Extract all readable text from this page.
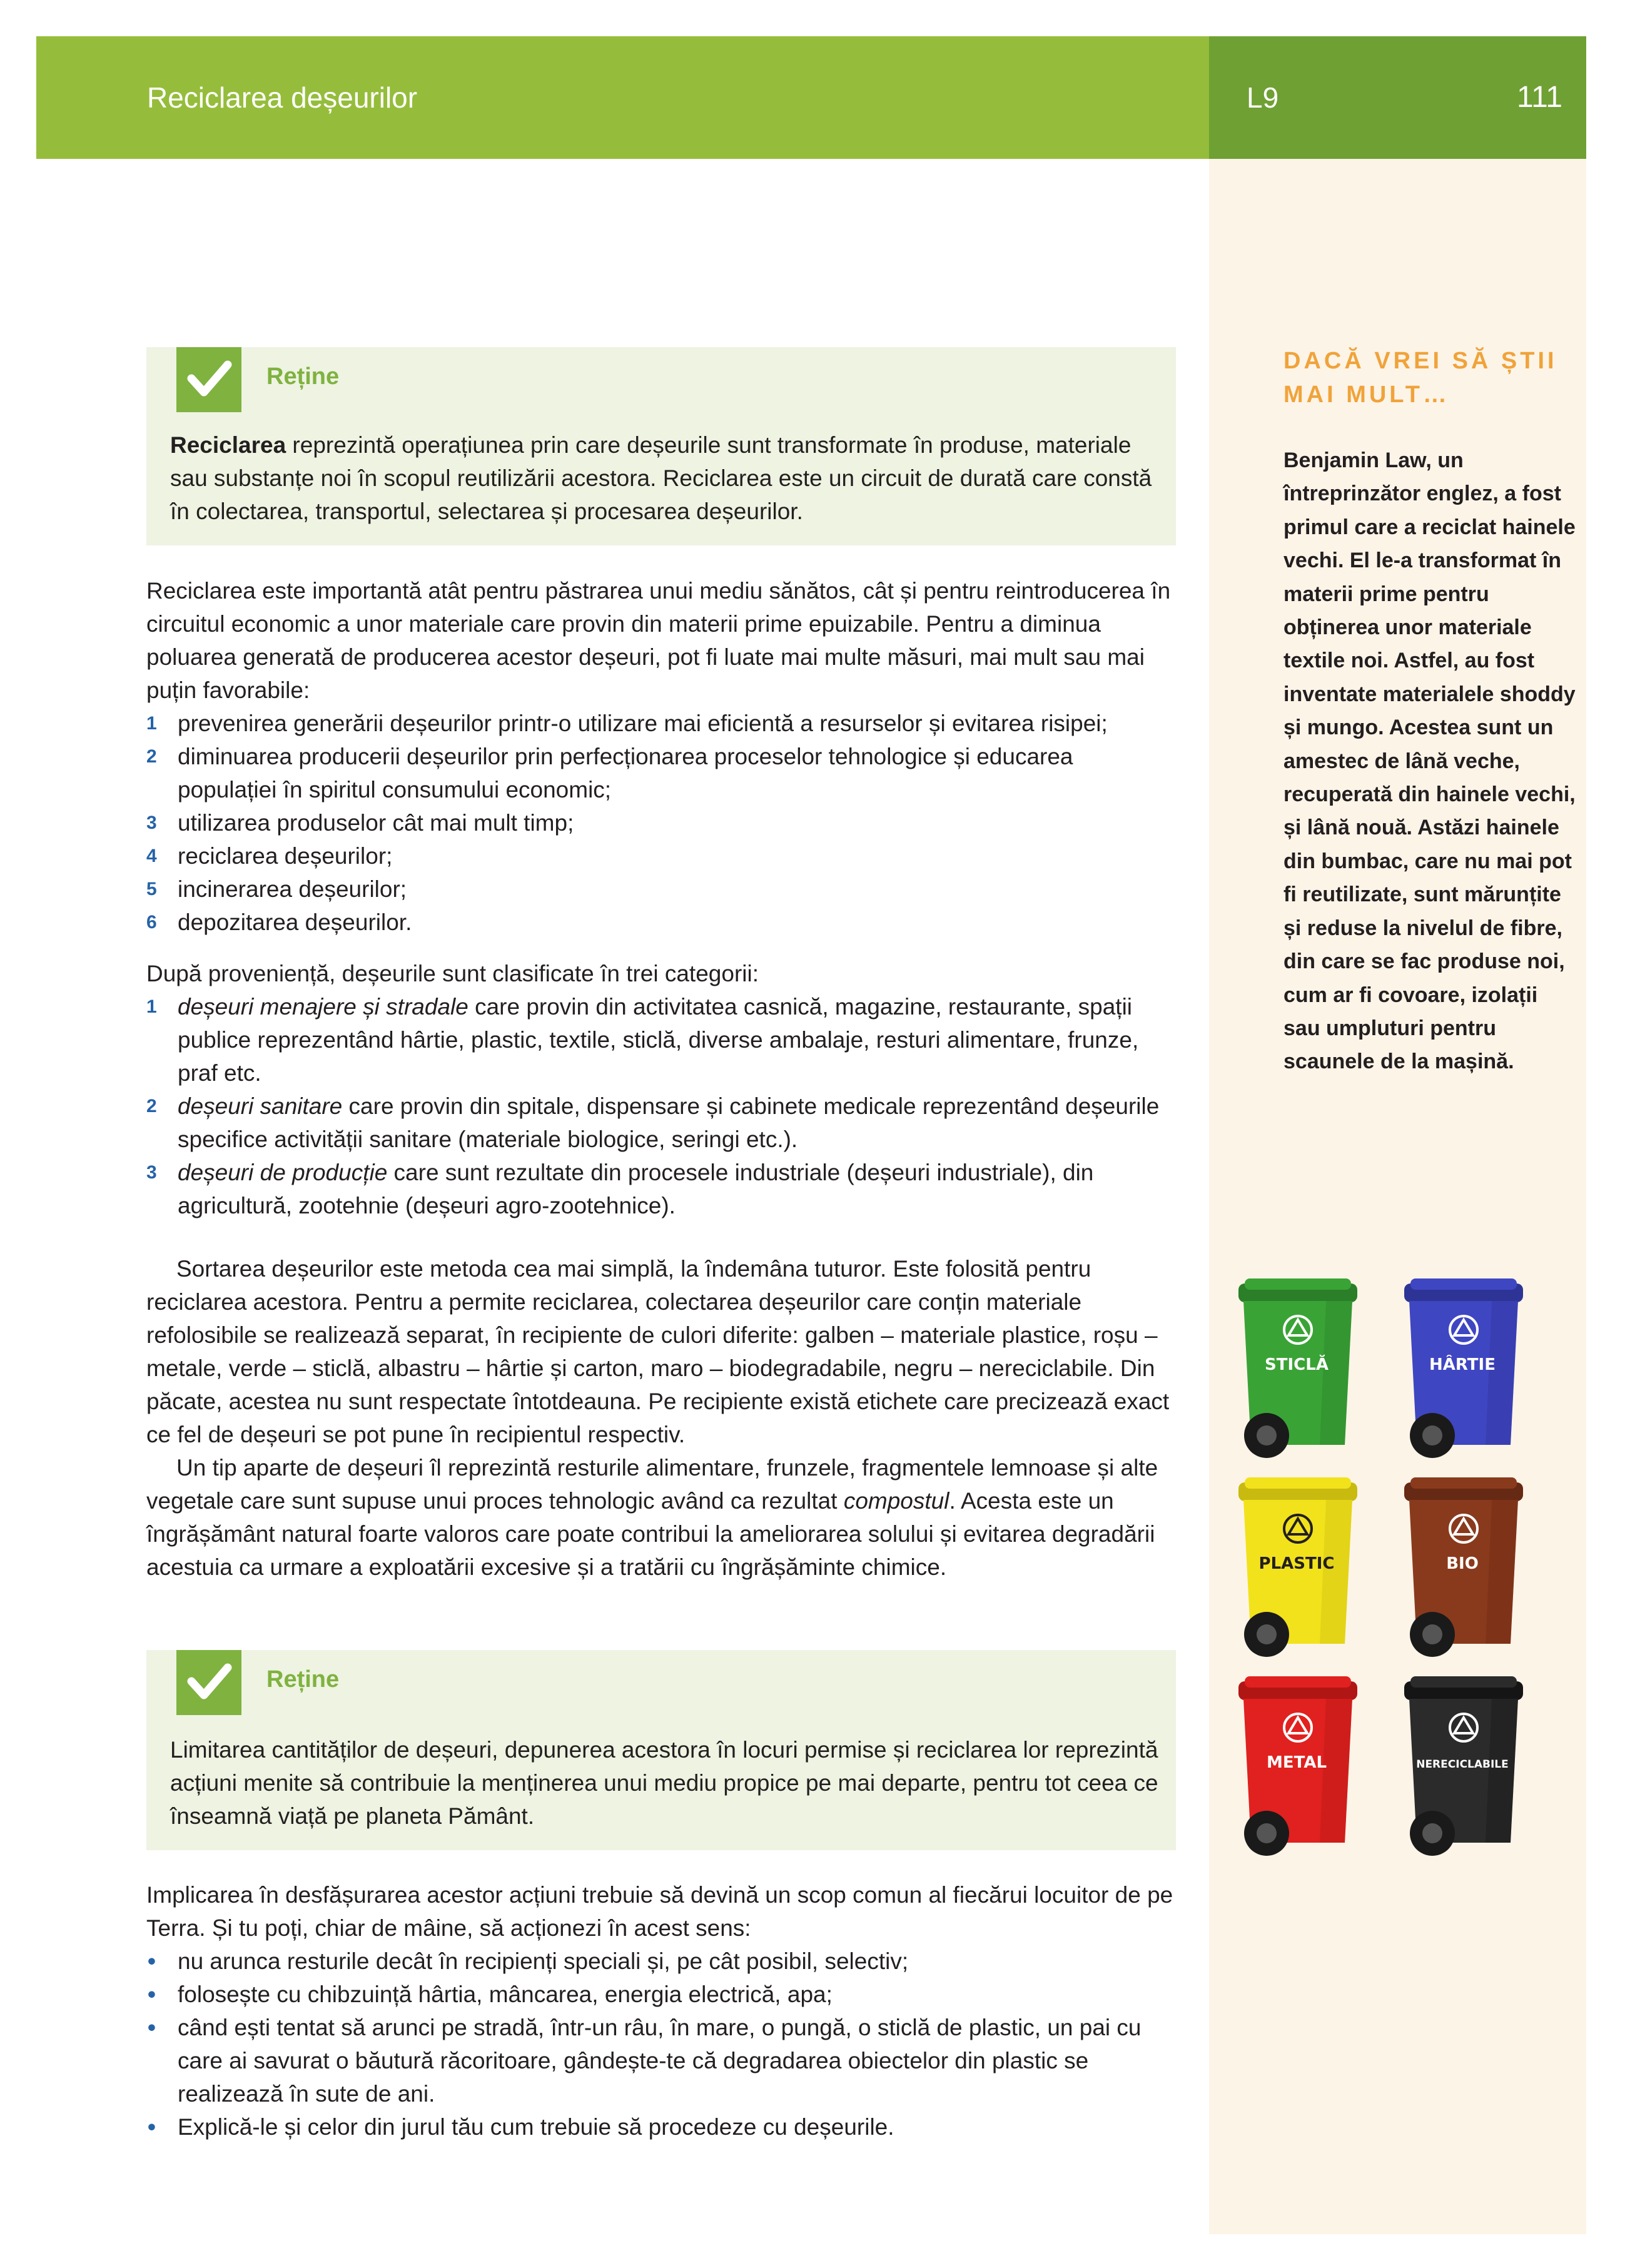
Reciclarea deșeurilor	L9	111
DACĂ VREI SĂ ȘTII MAI MULT…
Benjamin Law, un întreprinzător englez, a fost primul care a reciclat hainele vechi. El le-a transformat în materii prime pentru obținerea unor materiale textile noi. Astfel, au fost inventate materialele shoddy și mungo. Acestea sunt un amestec de lână veche, recuperată din hainele vechi, și lână nouă. Astăzi hainele din bumbac, care nu mai pot fi reutilizate, sunt mărunțite și reduse la nivelul de fibre, din care se fac produse noi, cum ar fi covoare, izolații sau umpluturi pentru scaunele de la mașină.
Reține
Reciclarea reprezintă operațiunea prin care deșeurile sunt transformate în produse, materiale sau substanțe noi în scopul reutilizării acestora. Reciclarea este un circuit de durată care constă în colectarea, transportul, selectarea și procesarea deșeurilor.

Reciclarea este importantă atât pentru păstrarea unui mediu sănătos, cât și pentru reintroducerea în circuitul economic a unor materiale care provin din materii prime epuizabile. Pentru a diminua poluarea generată de producerea acestor deșeuri, pot fi luate mai multe măsuri, mai mult sau mai puțin favorabile:

1 prevenirea generării deșeurilor printr-o utilizare mai eficientă a resurselor și evitarea risipei;
2 diminuarea producerii deșeurilor prin perfecționarea proceselor tehnologice și educarea populației în spiritul consumului economic;
3 utilizarea produselor cât mai mult timp;
4 reciclarea deșeurilor;
5 incinerarea deșeurilor;
6 depozitarea deșeurilor.

După proveniență, deșeurile sunt clasificate în trei categorii:

1 deșeuri menajere și stradale care provin din activitatea casnică, magazine, restaurante, spații publice reprezentând hârtie, plastic, textile, sticlă, diverse ambalaje, resturi alimentare, frunze, praf etc.
2 deșeuri sanitare care provin din spitale, dispensare și cabinete medicale reprezentând deșeurile specifice activității sanitare (materiale biologice, seringi etc.).
3 deșeuri de producție care sunt rezultate din procesele industriale (deșeuri industriale), din agricultură, zootehnie (deșeuri agro-zootehnice).

Sortarea deșeurilor este metoda cea mai simplă, la îndemâna tuturor. Este folosită pentru reciclarea acestora. Pentru a permite reciclarea, colectarea deșeurilor care conțin materiale refolosibile se realizează separat, în recipiente de culori diferite: galben – materiale plastice, roșu – metale, verde – sticlă, albastru – hârtie și carton, maro – biodegradabile, negru – nereciclabile. Din păcate, acestea nu sunt respectate întotdeauna. Pe recipiente există etichete care precizează exact ce fel de deșeuri se pot pune în recipientul respectiv.

Un tip aparte de deșeuri îl reprezintă resturile alimentare, frunzele, fragmentele lemnoase și alte vegetale care sunt supuse unui proces tehnologic având ca rezultat compostul. Acesta este un îngrășământ natural foarte valoros care poate contribui la ameliorarea solului și evitarea degradării acestuia ca urmare a exploatării excesive și a tratării cu îngrășăminte chimice.

Reține
Limitarea cantităților de deșeuri, depunerea acestora în locuri permise și reciclarea lor reprezintă acțiuni menite să contribuie la menținerea unui mediu propice pe mai departe, pentru tot ceea ce înseamnă viață pe planeta Pământ.

Implicarea în desfășurarea acestor acțiuni trebuie să devină un scop comun al fiecărui locuitor de pe Terra. Și tu poți, chiar de mâine, să acționezi în acest sens:

• nu arunca resturile decât în recipienți speciali și, pe cât posibil, selectiv;
• folosește cu chibzuință hârtia, mâncarea, energia electrică, apa;
• când ești tentat să arunci pe stradă, într-un râu, în mare, o pungă, o sticlă de plastic, un pai cu care ai savurat o băutură răcoritoare, gândește-te că degradarea obiectelor din plastic se realizează în sute de ani.
• Explică-le și celor din jurul tău cum trebuie să procedeze cu deșeurile.
STICLĂ	HÂRTIE
PLASTIC	BIO
METAL	NERECICLABILE
